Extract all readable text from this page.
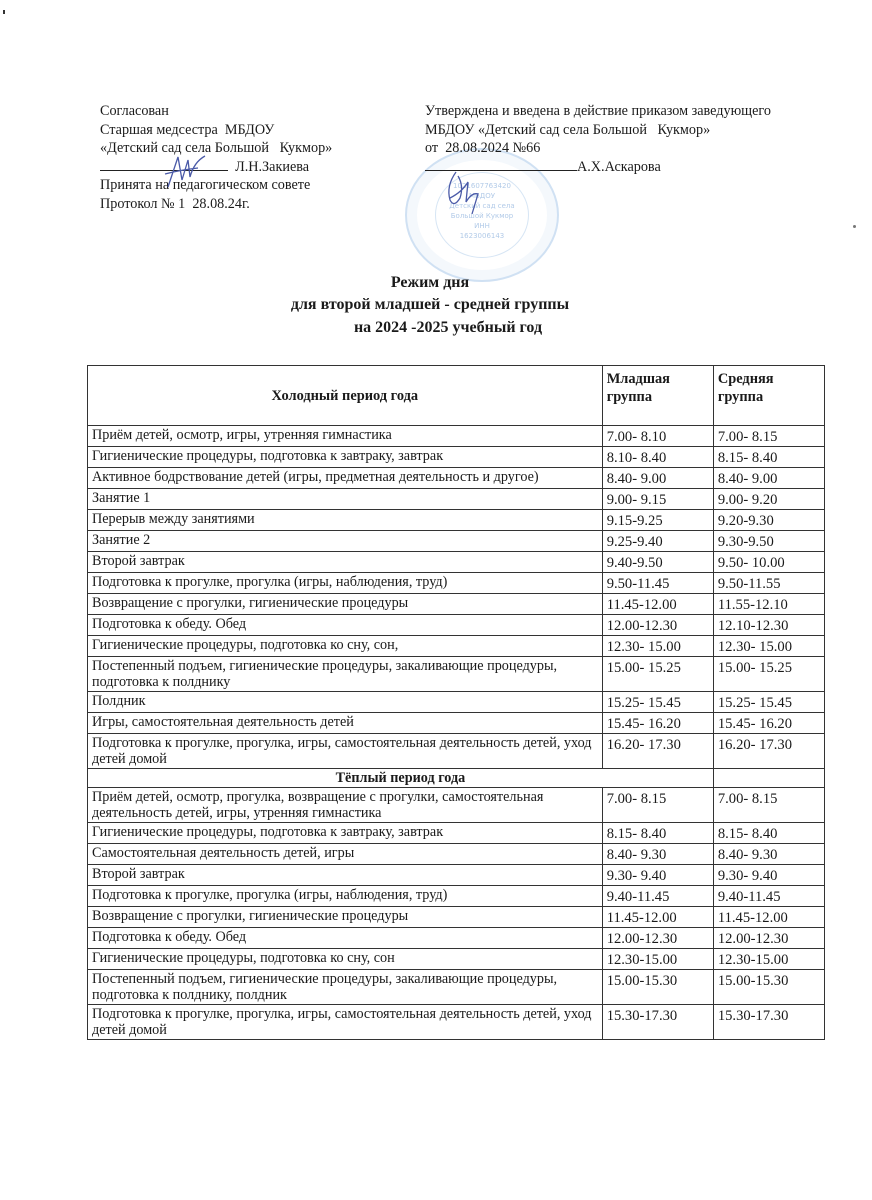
Согласован
Старшая медсестра  МБДОУ
«Детский сад села Большой   Кукмор»
Л.Н.Закиева
Принята на педагогическом совете
Протокол № 1  28.08.24г.
1021607763420
МБДОУ
Детский сад села
Большой Кукмор
ИНН
1623006143
Утверждена и введена в действие приказом заведующего
МБДОУ «Детский сад села Большой   Кукмор»
от  28.08.2024 №66
А.Х.Аскарова
Режим дня
для второй младшей - средней группы
на 2024 -2025 учебный год
Холодный период года	Младшая группа	Средняя группа
Приём детей, осмотр, игры, утренняя гимнастика	7.00- 8.10	7.00- 8.15
Гигиенические процедуры, подготовка к завтраку, завтрак	8.10- 8.40	8.15- 8.40
Активное бодрствование детей (игры, предметная деятельность и другое)	8.40- 9.00	8.40- 9.00
Занятие 1	9.00- 9.15	9.00- 9.20
Перерыв между занятиями	9.15-9.25	9.20-9.30
Занятие 2	9.25-9.40	9.30-9.50
Второй завтрак	9.40-9.50	9.50- 10.00
Подготовка к прогулке, прогулка (игры, наблюдения, труд)	9.50-11.45	9.50-11.55
Возвращение с прогулки, гигиенические процедуры	11.45-12.00	11.55-12.10
Подготовка к обеду. Обед	12.00-12.30	12.10-12.30
Гигиенические процедуры, подготовка ко сну, сон,	12.30- 15.00	12.30- 15.00
Постепенный подъем, гигиенические процедуры, закаливающие процедуры, подготовка к полднику	15.00- 15.25	15.00- 15.25
Полдник	15.25- 15.45	15.25- 15.45
Игры, самостоятельная деятельность детей	15.45- 16.20	15.45- 16.20
Подготовка к прогулке, прогулка, игры, самостоятельная деятельность детей, уход детей домой	16.20- 17.30	16.20- 17.30
Тёплый период года		
Приём детей, осмотр, прогулка, возвращение с прогулки, самостоятельная деятельность детей, игры, утренняя гимнастика	7.00- 8.15	7.00- 8.15
Гигиенические процедуры, подготовка к завтраку, завтрак	8.15- 8.40	8.15- 8.40
Самостоятельная деятельность детей, игры	8.40- 9.30	8.40- 9.30
Второй завтрак	9.30- 9.40	9.30- 9.40
Подготовка к прогулке, прогулка (игры, наблюдения, труд)	9.40-11.45	9.40-11.45
Возвращение с прогулки, гигиенические процедуры	11.45-12.00	11.45-12.00
Подготовка к обеду. Обед	12.00-12.30	12.00-12.30
Гигиенические процедуры, подготовка ко сну, сон	12.30-15.00	12.30-15.00
Постепенный подъем, гигиенические процедуры, закаливающие процедуры, подготовка к полднику, полдник	15.00-15.30	15.00-15.30
Подготовка к прогулке, прогулка, игры, самостоятельная деятельность детей, уход детей домой	15.30-17.30	15.30-17.30
